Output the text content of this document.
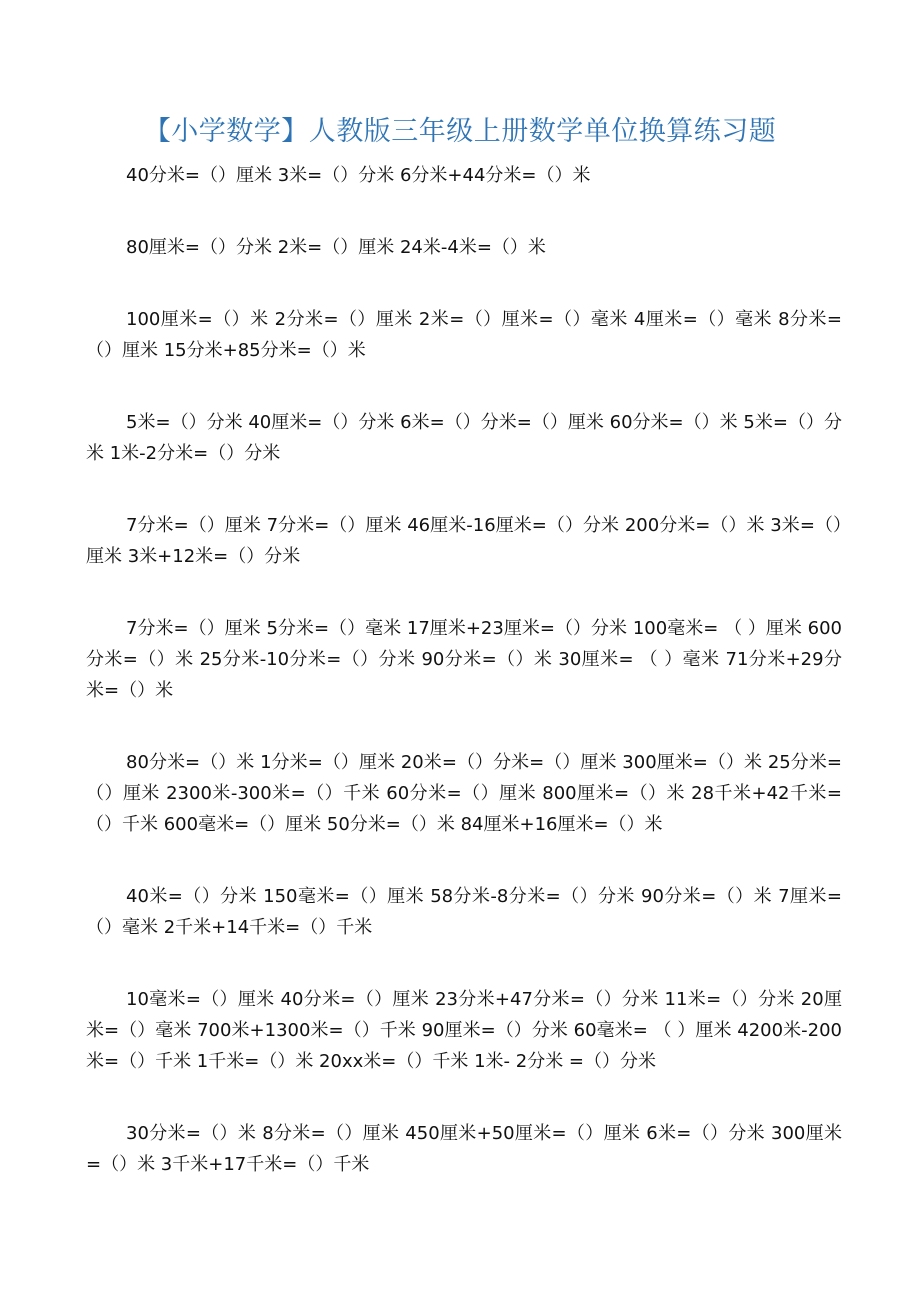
【小学数学】人教版三年级上册数学单位换算练习题

40分米=（）厘米 3米=（）分米 6分米+44分米=（）米

80厘米=（）分米 2米=（）厘米 24米-4米=（）米

100厘米=（）米 2分米=（）厘米 2米=（）厘米=（）毫米 4厘米=（）毫米 8分米=（）厘米 15分米+85分米=（）米

5米=（）分米 40厘米=（）分米 6米=（）分米=（）厘米 60分米=（）米 5米=（）分米 1米-2分米=（）分米

7分米=（）厘米 7分米=（）厘米 46厘米-16厘米=（）分米 200分米=（）米 3米=（）厘米 3米+12米=（）分米

7分米=（）厘米 5分米=（）毫米 17厘米+23厘米=（）分米 100毫米= （ ）厘米 600分米=（）米 25分米-10分米=（）分米 90分米=（）米 30厘米= （ ）毫米 71分米+29分米=（）米

80分米=（）米 1分米=（）厘米 20米=（）分米=（）厘米 300厘米=（）米 25分米=（）厘米 2300米-300米=（）千米 60分米=（）厘米 800厘米=（）米 28千米+42千米=（）千米 600毫米=（）厘米 50分米=（）米 84厘米+16厘米=（）米

40米=（）分米 150毫米=（）厘米 58分米-8分米=（）分米 90分米=（）米 7厘米=（）毫米 2千米+14千米=（）千米

10毫米=（）厘米 40分米=（）厘米 23分米+47分米=（）分米 11米=（）分米 20厘米=（）毫米 700米+1300米=（）千米 90厘米=（）分米 60毫米= （ ）厘米 4200米-200米=（）千米 1千米=（）米 20xx米=（）千米 1米- 2分米 =（）分米

30分米=（）米 8分米=（）厘米 450厘米+50厘米=（）厘米 6米=（）分米 300厘米=（）米 3千米+17千米=（）千米
